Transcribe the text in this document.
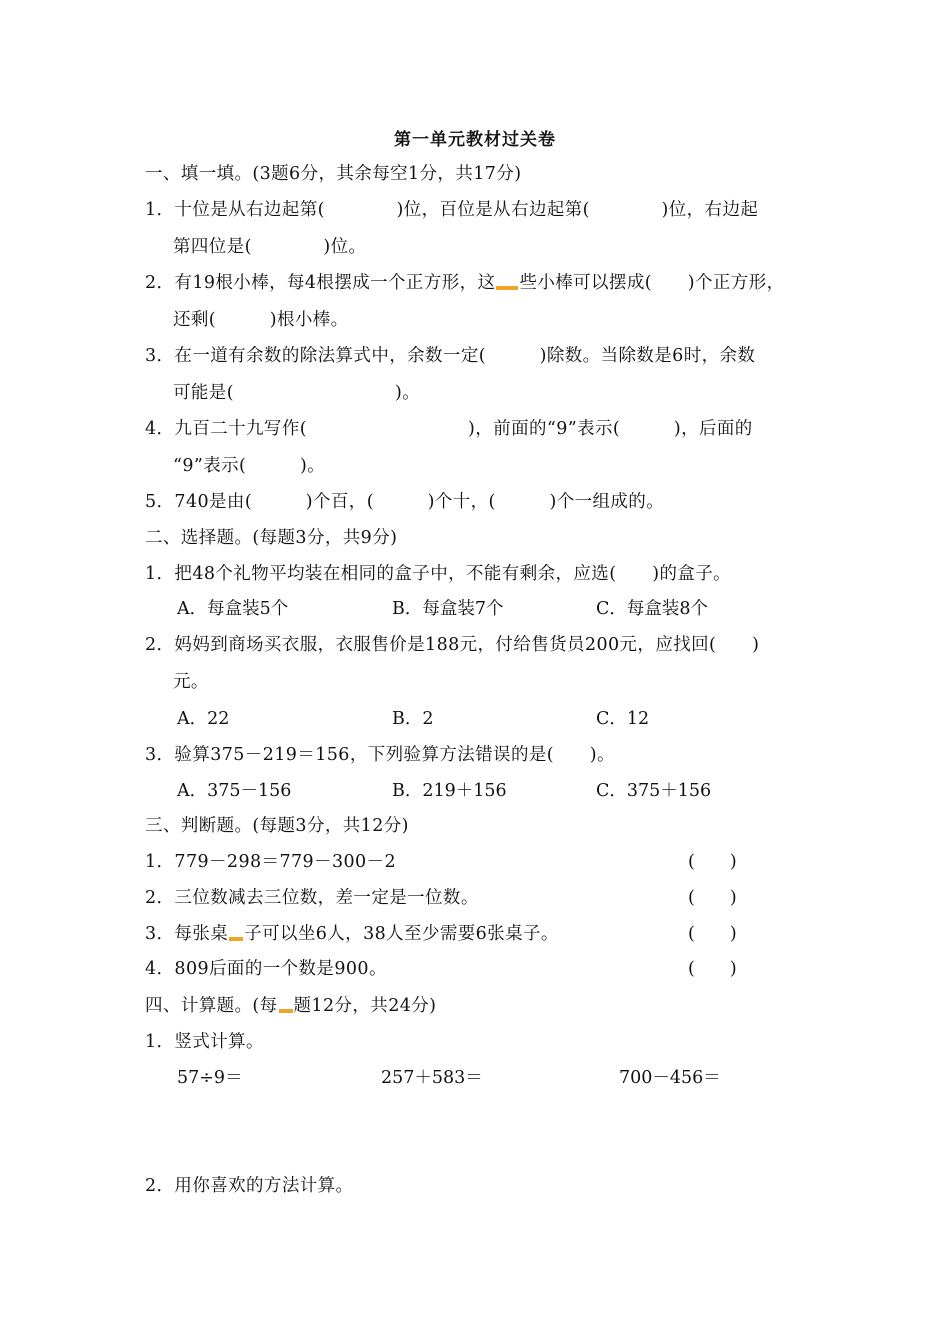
第一单元教材过关卷
一、填一填。(3题6分，其余每空1分，共17分)
1．十位是从右边起第(　　　　)位，百位是从右边起第(　　　　)位，右边起
第四位是(　　　　)位。
2．有19根小棒，每4根摆成一个正方形，这 些小棒可以摆成(　　)个正方形，
还剩(　　　)根小棒。
3．在一道有余数的除法算式中，余数一定(　　　)除数。当除数是6时，余数
可能是(　　　　　　　　　)。
4．九百二十九写作(　　　　　　　　　)，前面的“9”表示(　　　)，后面的
“9”表示(　　　)。
5．740是由(　　　)个百，(　　　)个十，(　　　)个一组成的。
二、选择题。(每题3分，共9分)
1．把48个礼物平均装在相同的盒子中，不能有剩余，应选(　　)的盒子。
A．每盒装5个	B．每盒装7个	C．每盒装8个
2．妈妈到商场买衣服，衣服售价是188元，付给售货员200元，应找回(　　)
元。
A．22	B．2	C．12
3．验算375－219＝156，下列验算方法错误的是(　　)。
A．375－156	B．219＋156	C．375＋156
三、判断题。(每题3分，共12分)
1．779－298＝779－300－2	(　　)
2．三位数减去三位数，差一定是一位数。	(　　)
3．每张桌 子可以坐6人，38人至少需要6张桌子。	(　　)
4．809后面的一个数是900。	(　　)
四、计算题。(每 题12分，共24分)
1．竖式计算。
57÷9＝	257＋583＝	700－456＝
2．用你喜欢的方法计算。
